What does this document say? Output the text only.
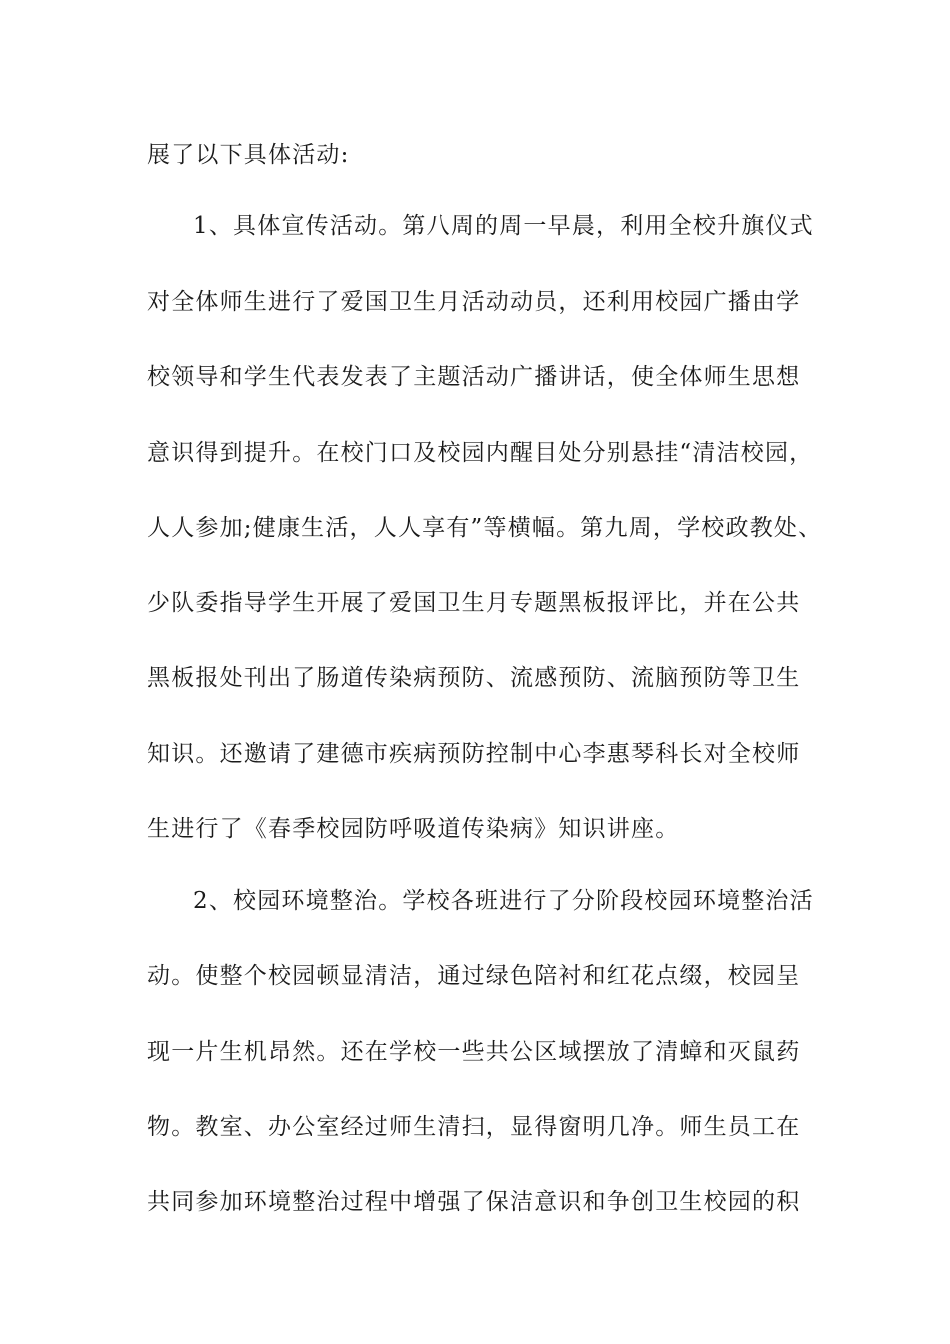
展了以下具体活动:

1、具体宣传活动。第八周的周一早晨，利用全校升旗仪式

对全体师生进行了爱国卫生月活动动员，还利用校园广播由学

校领导和学生代表发表了主题活动广播讲话，使全体师生思想

意识得到提升。在校门口及校园内醒目处分别悬挂“清洁校园，

人人参加;健康生活，人人享有”等横幅。第九周，学校政教处、

少队委指导学生开展了爱国卫生月专题黑板报评比，并在公共

黑板报处刊出了肠道传染病预防、流感预防、流脑预防等卫生

知识。还邀请了建德市疾病预防控制中心李惠琴科长对全校师

生进行了《春季校园防呼吸道传染病》知识讲座。

2、校园环境整治。学校各班进行了分阶段校园环境整治活

动。使整个校园顿显清洁，通过绿色陪衬和红花点缀，校园呈

现一片生机昂然。还在学校一些共公区域摆放了清蟑和灭鼠药

物。教室、办公室经过师生清扫，显得窗明几净。师生员工在

共同参加环境整治过程中增强了保洁意识和争创卫生校园的积
